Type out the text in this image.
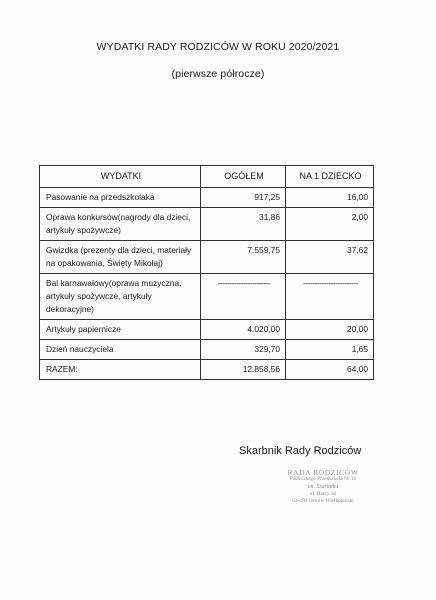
WYDATKI RADY RODZICÓW W ROKU 2020/2021
(pierwsze półrocze)
WYDATKI	OGÓŁEM	NA 1 DZIECKO
Pasowanie na przedszkolaka	917,25	16,00
Oprawa konkursów(nagrody dla dzieci, artykuły spożywcze)	31,86	2,00
Gwizdka (prezenty dla dzieci, materiały na opakowania, Święty Mikołaj)	7.559,75	37,62
Bal karnawałowy(oprawa muzyczna, artykuły spożywcze, artykuły dekoracyjne)	-----------------------	------------------------
Artykuły papiernicze	4.020,00	20,00
Dzień nauczyciela	329,70	1,65
RAZEM:	12.858,56	64,00
Skarbnik Rady Rodziców
RADA RODZICÓW
Publicznego Przedszkola Nr 13
im. Szarłatka
ul. Harcy 30
63-400 Ostrów Wielkopolski
